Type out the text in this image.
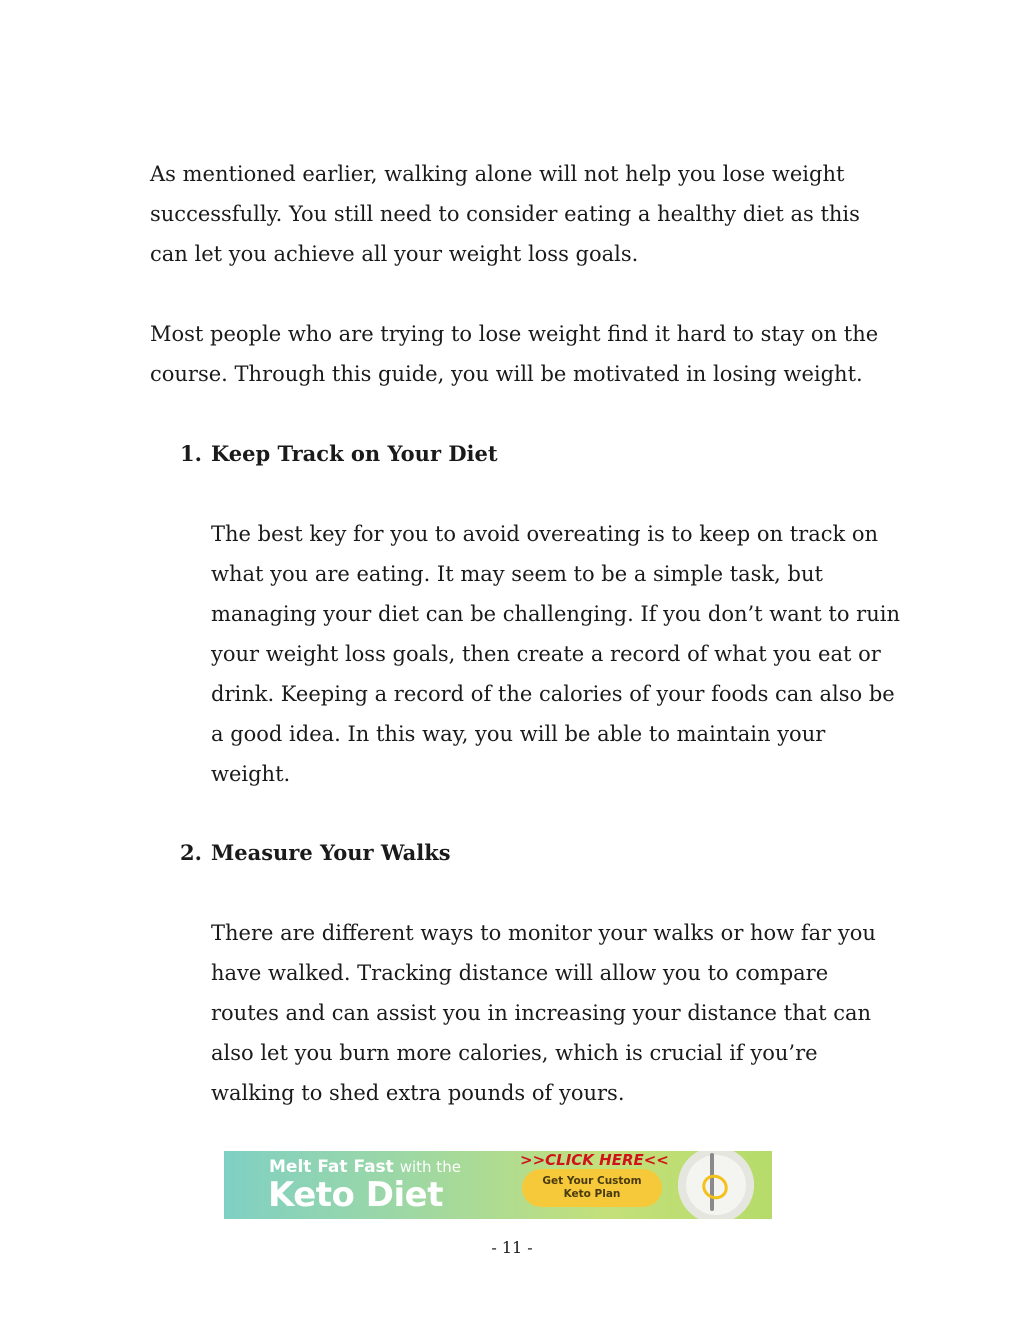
As mentioned earlier, walking alone will not help you lose weight
successfully. You still need to consider eating a healthy diet as this
can let you achieve all your weight loss goals.

Most people who are trying to lose weight find it hard to stay on the
course. Through this guide, you will be motivated in losing weight.

1. Keep Track on Your Diet

The best key for you to avoid overeating is to keep on track on
what you are eating. It may seem to be a simple task, but
managing your diet can be challenging. If you don’t want to ruin
your weight loss goals, then create a record of what you eat or
drink. Keeping a record of the calories of your foods can also be
a good idea. In this way, you will be able to maintain your
weight.

2. Measure Your Walks

There are different ways to monitor your walks or how far you
have walked. Tracking distance will allow you to compare
routes and can assist you in increasing your distance that can
also let you burn more calories, which is crucial if you’re
walking to shed extra pounds of yours.

Melt Fat Fast with the
Keto Diet
>>CLICK HERE<<
Get Your Custom
Keto Plan
- 11 -
